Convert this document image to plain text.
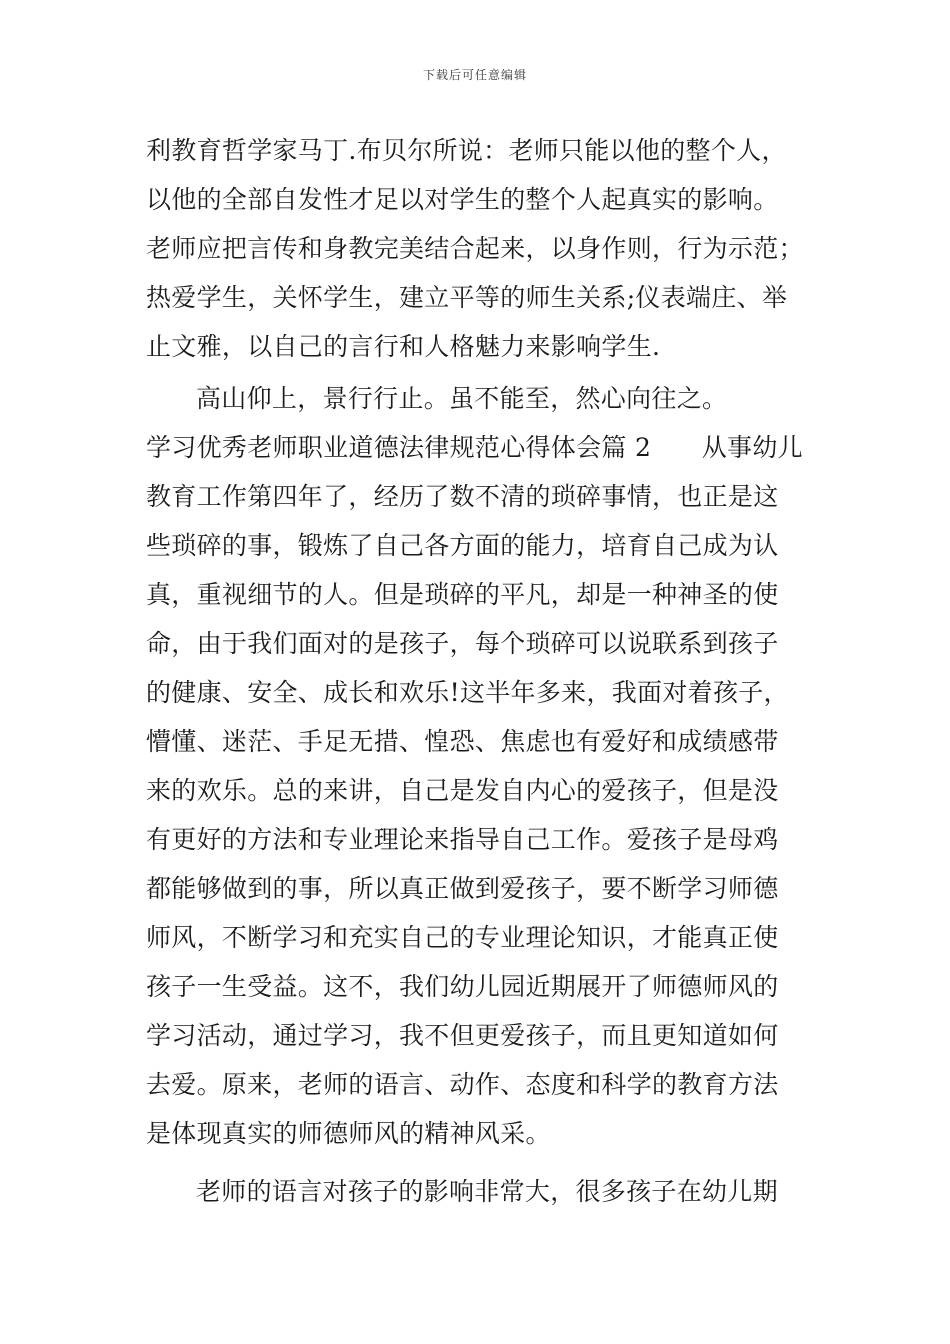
下载后可任意编辑
利教育哲学家马丁.布贝尔所说：老师只能以他的整个人，
以他的全部自发性才足以对学生的整个人起真实的影响。
老师应把言传和身教完美结合起来，以身作则，行为示范；
热爱学生，关怀学生，建立平等的师生关系;仪表端庄、举
止文雅，以自己的言行和人格魅力来影响学生.
高山仰上，景行行止。虽不能至，然心向往之。
学习优秀老师职业道德法律规范心得体会篇 2　　从事幼儿
教育工作第四年了，经历了数不清的琐碎事情，也正是这
些琐碎的事，锻炼了自己各方面的能力，培育自己成为认
真，重视细节的人。但是琐碎的平凡，却是一种神圣的使
命，由于我们面对的是孩子，每个琐碎可以说联系到孩子
的健康、安全、成长和欢乐!这半年多来，我面对着孩子，
懵懂、迷茫、手足无措、惶恐、焦虑也有爱好和成绩感带
来的欢乐。总的来讲，自己是发自内心的爱孩子，但是没
有更好的方法和专业理论来指导自己工作。爱孩子是母鸡
都能够做到的事，所以真正做到爱孩子，要不断学习师德
师风，不断学习和充实自己的专业理论知识，才能真正使
孩子一生受益。这不，我们幼儿园近期展开了师德师风的
学习活动，通过学习，我不但更爱孩子，而且更知道如何
去爱。原来，老师的语言、动作、态度和科学的教育方法
是体现真实的师德师风的精神风采。
老师的语言对孩子的影响非常大，很多孩子在幼儿期
